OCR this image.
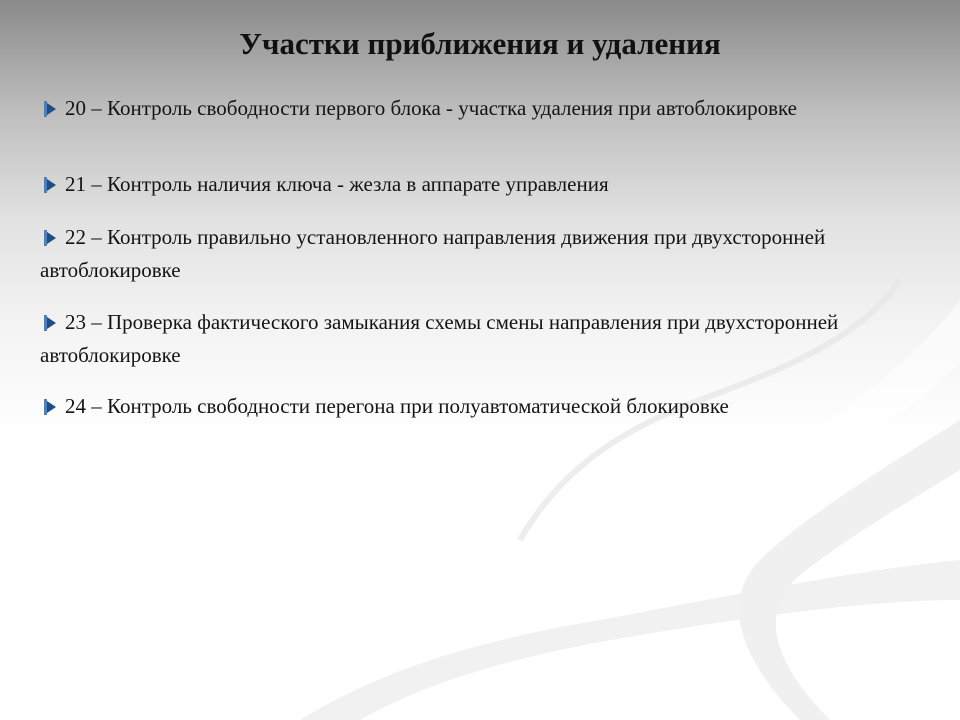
Участки приближения и удаления
20 – Контроль свободности первого блока - участка удаления при автоблокировке
21 – Контроль наличия ключа - жезла в аппарате управления
22 – Контроль правильно установленного направления движения при двухсторонней автоблокировке
23 – Проверка фактического замыкания схемы смены направления при двухсторонней автоблокировке
24 – Контроль свободности перегона при полуавтоматической блокировке
